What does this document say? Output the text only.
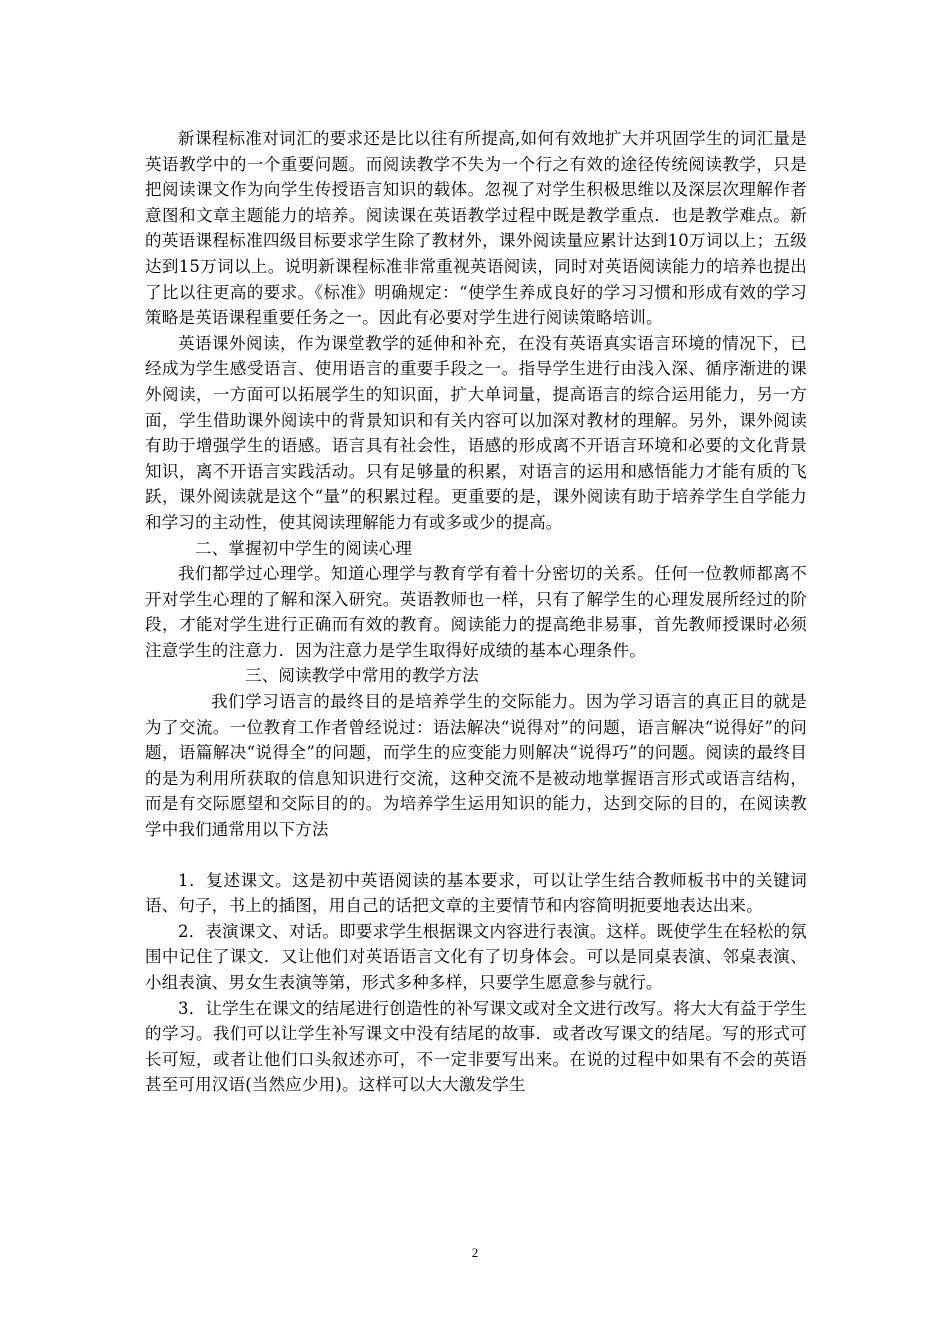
新课程标准对词汇的要求还是比以往有所提高,如何有效地扩大并巩固学生的词汇量是英语教学中的一个重要问题。而阅读教学不失为一个行之有效的途径传统阅读教学，只是把阅读课文作为向学生传授语言知识的载体。忽视了对学生积极思维以及深层次理解作者意图和文章主题能力的培养。阅读课在英语教学过程中既是教学重点．也是教学难点。新的英语课程标准四级目标要求学生除了教材外，课外阅读量应累计达到10万词以上；五级达到15万词以上。说明新课程标准非常重视英语阅读，同时对英语阅读能力的培养也提出了比以往更高的要求。《标准》明确规定：“使学生养成良好的学习习惯和形成有效的学习策略是英语课程重要任务之一。因此有必要对学生进行阅读策略培训。

英语课外阅读，作为课堂教学的延伸和补充，在没有英语真实语言环境的情况下，已经成为学生感受语言、使用语言的重要手段之一。指导学生进行由浅入深、循序渐进的课外阅读，一方面可以拓展学生的知识面，扩大单词量，提高语言的综合运用能力，另一方面，学生借助课外阅读中的背景知识和有关内容可以加深对教材的理解。另外，课外阅读有助于增强学生的语感。语言具有社会性，语感的形成离不开语言环境和必要的文化背景知识，离不开语言实践活动。只有足够量的积累，对语言的运用和感悟能力才能有质的飞跃，课外阅读就是这个“量”的积累过程。更重要的是，课外阅读有助于培养学生自学能力和学习的主动性，使其阅读理解能力有或多或少的提高。

二、掌握初中学生的阅读心理

我们都学过心理学。知道心理学与教育学有着十分密切的关系。任何一位教师都离不开对学生心理的了解和深入研究。英语教师也一样，只有了解学生的心理发展所经过的阶段，才能对学生进行正确而有效的教育。阅读能力的提高绝非易事，首先教师授课时必须注意学生的注意力．因为注意力是学生取得好成绩的基本心理条件。

三、阅读教学中常用的教学方法

我们学习语言的最终目的是培养学生的交际能力。因为学习语言的真正目的就是为了交流。一位教育工作者曾经说过：语法解决“说得对”的问题，语言解决“说得好”的问题，语篇解决“说得全”的问题，而学生的应变能力则解决“说得巧”的问题。阅读的最终目的是为利用所获取的信息知识进行交流，这种交流不是被动地掌握语言形式或语言结构，而是有交际愿望和交际目的的。为培养学生运用知识的能力，达到交际的目的，在阅读教学中我们通常用以下方法

1．复述课文。这是初中英语阅读的基本要求，可以让学生结合教师板书中的关键词语、句子，书上的插图，用自己的话把文章的主要情节和内容简明扼要地表达出来。

2．表演课文、对话。即要求学生根据课文内容进行表演。这样。既使学生在轻松的氛围中记住了课文．又让他们对英语语言文化有了切身体会。可以是同桌表演、邻桌表演、小组表演、男女生表演等第，形式多种多样，只要学生愿意参与就行。

3．让学生在课文的结尾进行创造性的补写课文或对全文进行改写。将大大有益于学生的学习。我们可以让学生补写课文中没有结尾的故事．或者改写课文的结尾。写的形式可长可短，或者让他们口头叙述亦可，不一定非要写出来。在说的过程中如果有不会的英语甚至可用汉语(当然应少用)。这样可以大大激发学生

2
